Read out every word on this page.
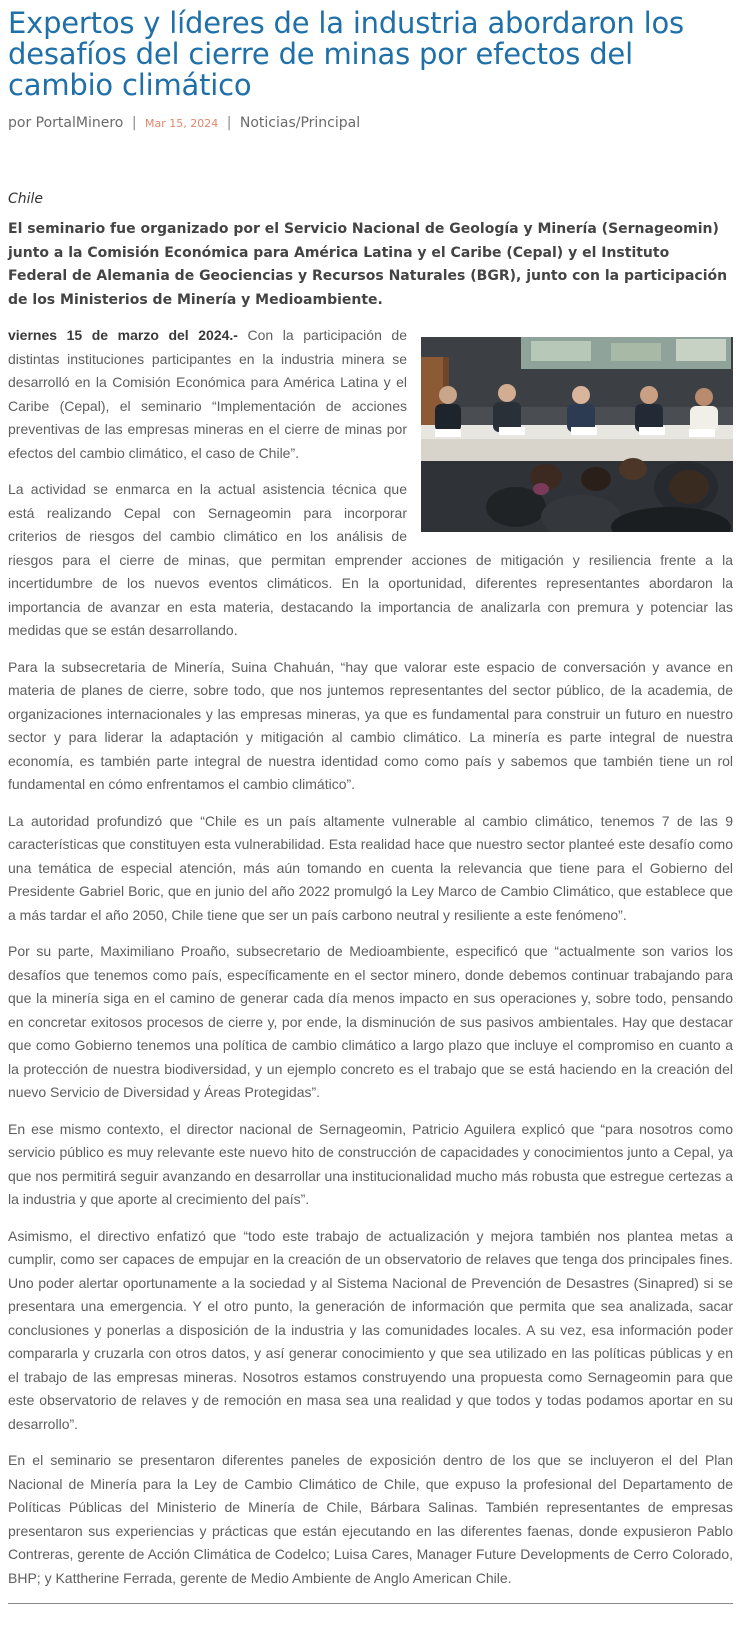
Expertos y líderes de la industria abordaron los desafíos del cierre de minas por efectos del cambio climático
por PortalMinero | Mar 15, 2024 | Noticias/Principal
Chile
El seminario fue organizado por el Servicio Nacional de Geología y Minería (Sernageomin) junto a la Comisión Económica para América Latina y el Caribe (Cepal) y el Instituto Federal de Alemania de Geociencias y Recursos Naturales (BGR), junto con la participación de los Ministerios de Minería y Medioambiente.

viernes 15 de marzo del 2024.- Con la participación de distintas instituciones participantes en la industria minera se desarrolló en la Comisión Económica para América Latina y el Caribe (Cepal), el seminario “Implementación de acciones preventivas de las empresas mineras en el cierre de minas por efectos del cambio climático, el caso de Chile”.

La actividad se enmarca en la actual asistencia técnica que está realizando Cepal con Sernageomin para incorporar criterios de riesgos del cambio climático en los análisis de riesgos para el cierre de minas, que permitan emprender acciones de mitigación y resiliencia frente a la incertidumbre de los nuevos eventos climáticos. En la oportunidad, diferentes representantes abordaron la importancia de avanzar en esta materia, destacando la importancia de analizarla con premura y potenciar las medidas que se están desarrollando.

Para la subsecretaria de Minería, Suina Chahuán, “hay que valorar este espacio de conversación y avance en materia de planes de cierre, sobre todo, que nos juntemos representantes del sector público, de la academia, de organizaciones internacionales y las empresas mineras, ya que es fundamental para construir un futuro en nuestro sector y para liderar la adaptación y mitigación al cambio climático. La minería es parte integral de nuestra economía, es también parte integral de nuestra identidad como como país y sabemos que también tiene un rol fundamental en cómo enfrentamos el cambio climático”.

La autoridad profundizó que “Chile es un país altamente vulnerable al cambio climático, tenemos 7 de las 9 características que constituyen esta vulnerabilidad. Esta realidad hace que nuestro sector planteé este desafío como una temática de especial atención, más aún tomando en cuenta la relevancia que tiene para el Gobierno del Presidente Gabriel Boric, que en junio del año 2022 promulgó la Ley Marco de Cambio Climático, que establece que a más tardar el año 2050, Chile tiene que ser un país carbono neutral y resiliente a este fenómeno”.

Por su parte, Maximiliano Proaño, subsecretario de Medioambiente, especificó que “actualmente son varios los desafíos que tenemos como país, específicamente en el sector minero, donde debemos continuar trabajando para que la minería siga en el camino de generar cada día menos impacto en sus operaciones y, sobre todo, pensando en concretar exitosos procesos de cierre y, por ende, la disminución de sus pasivos ambientales. Hay que destacar que como Gobierno tenemos una política de cambio climático a largo plazo que incluye el compromiso en cuanto a la protección de nuestra biodiversidad, y un ejemplo concreto es el trabajo que se está haciendo en la creación del nuevo Servicio de Diversidad y Áreas Protegidas”.

En ese mismo contexto, el director nacional de Sernageomin, Patricio Aguilera explicó que “para nosotros como servicio público es muy relevante este nuevo hito de construcción de capacidades y conocimientos junto a Cepal, ya que nos permitirá seguir avanzando en desarrollar una institucionalidad mucho más robusta que estregue certezas a la industria y que aporte al crecimiento del país”.

Asimismo, el directivo enfatizó que “todo este trabajo de actualización y mejora también nos plantea metas a cumplir, como ser capaces de empujar en la creación de un observatorio de relaves que tenga dos principales fines. Uno poder alertar oportunamente a la sociedad y al Sistema Nacional de Prevención de Desastres (Sinapred) si se presentara una emergencia. Y el otro punto, la generación de información que permita que sea analizada, sacar conclusiones y ponerlas a disposición de la industria y las comunidades locales. A su vez, esa información poder compararla y cruzarla con otros datos, y así generar conocimiento y que sea utilizado en las políticas públicas y en el trabajo de las empresas mineras. Nosotros estamos construyendo una propuesta como Sernageomin para que este observatorio de relaves y de remoción en masa sea una realidad y que todos y todas podamos aportar en su desarrollo”.

En el seminario se presentaron diferentes paneles de exposición dentro de los que se incluyeron el del Plan Nacional de Minería para la Ley de Cambio Climático de Chile, que expuso la profesional del Departamento de Políticas Públicas del Ministerio de Minería de Chile, Bárbara Salinas. También representantes de empresas presentaron sus experiencias y prácticas que están ejecutando en las diferentes faenas, donde expusieron Pablo Contreras, gerente de Acción Climática de Codelco; Luisa Cares, Manager Future Developments de Cerro Colorado, BHP; y Kattherine Ferrada, gerente de Medio Ambiente de Anglo American Chile.
